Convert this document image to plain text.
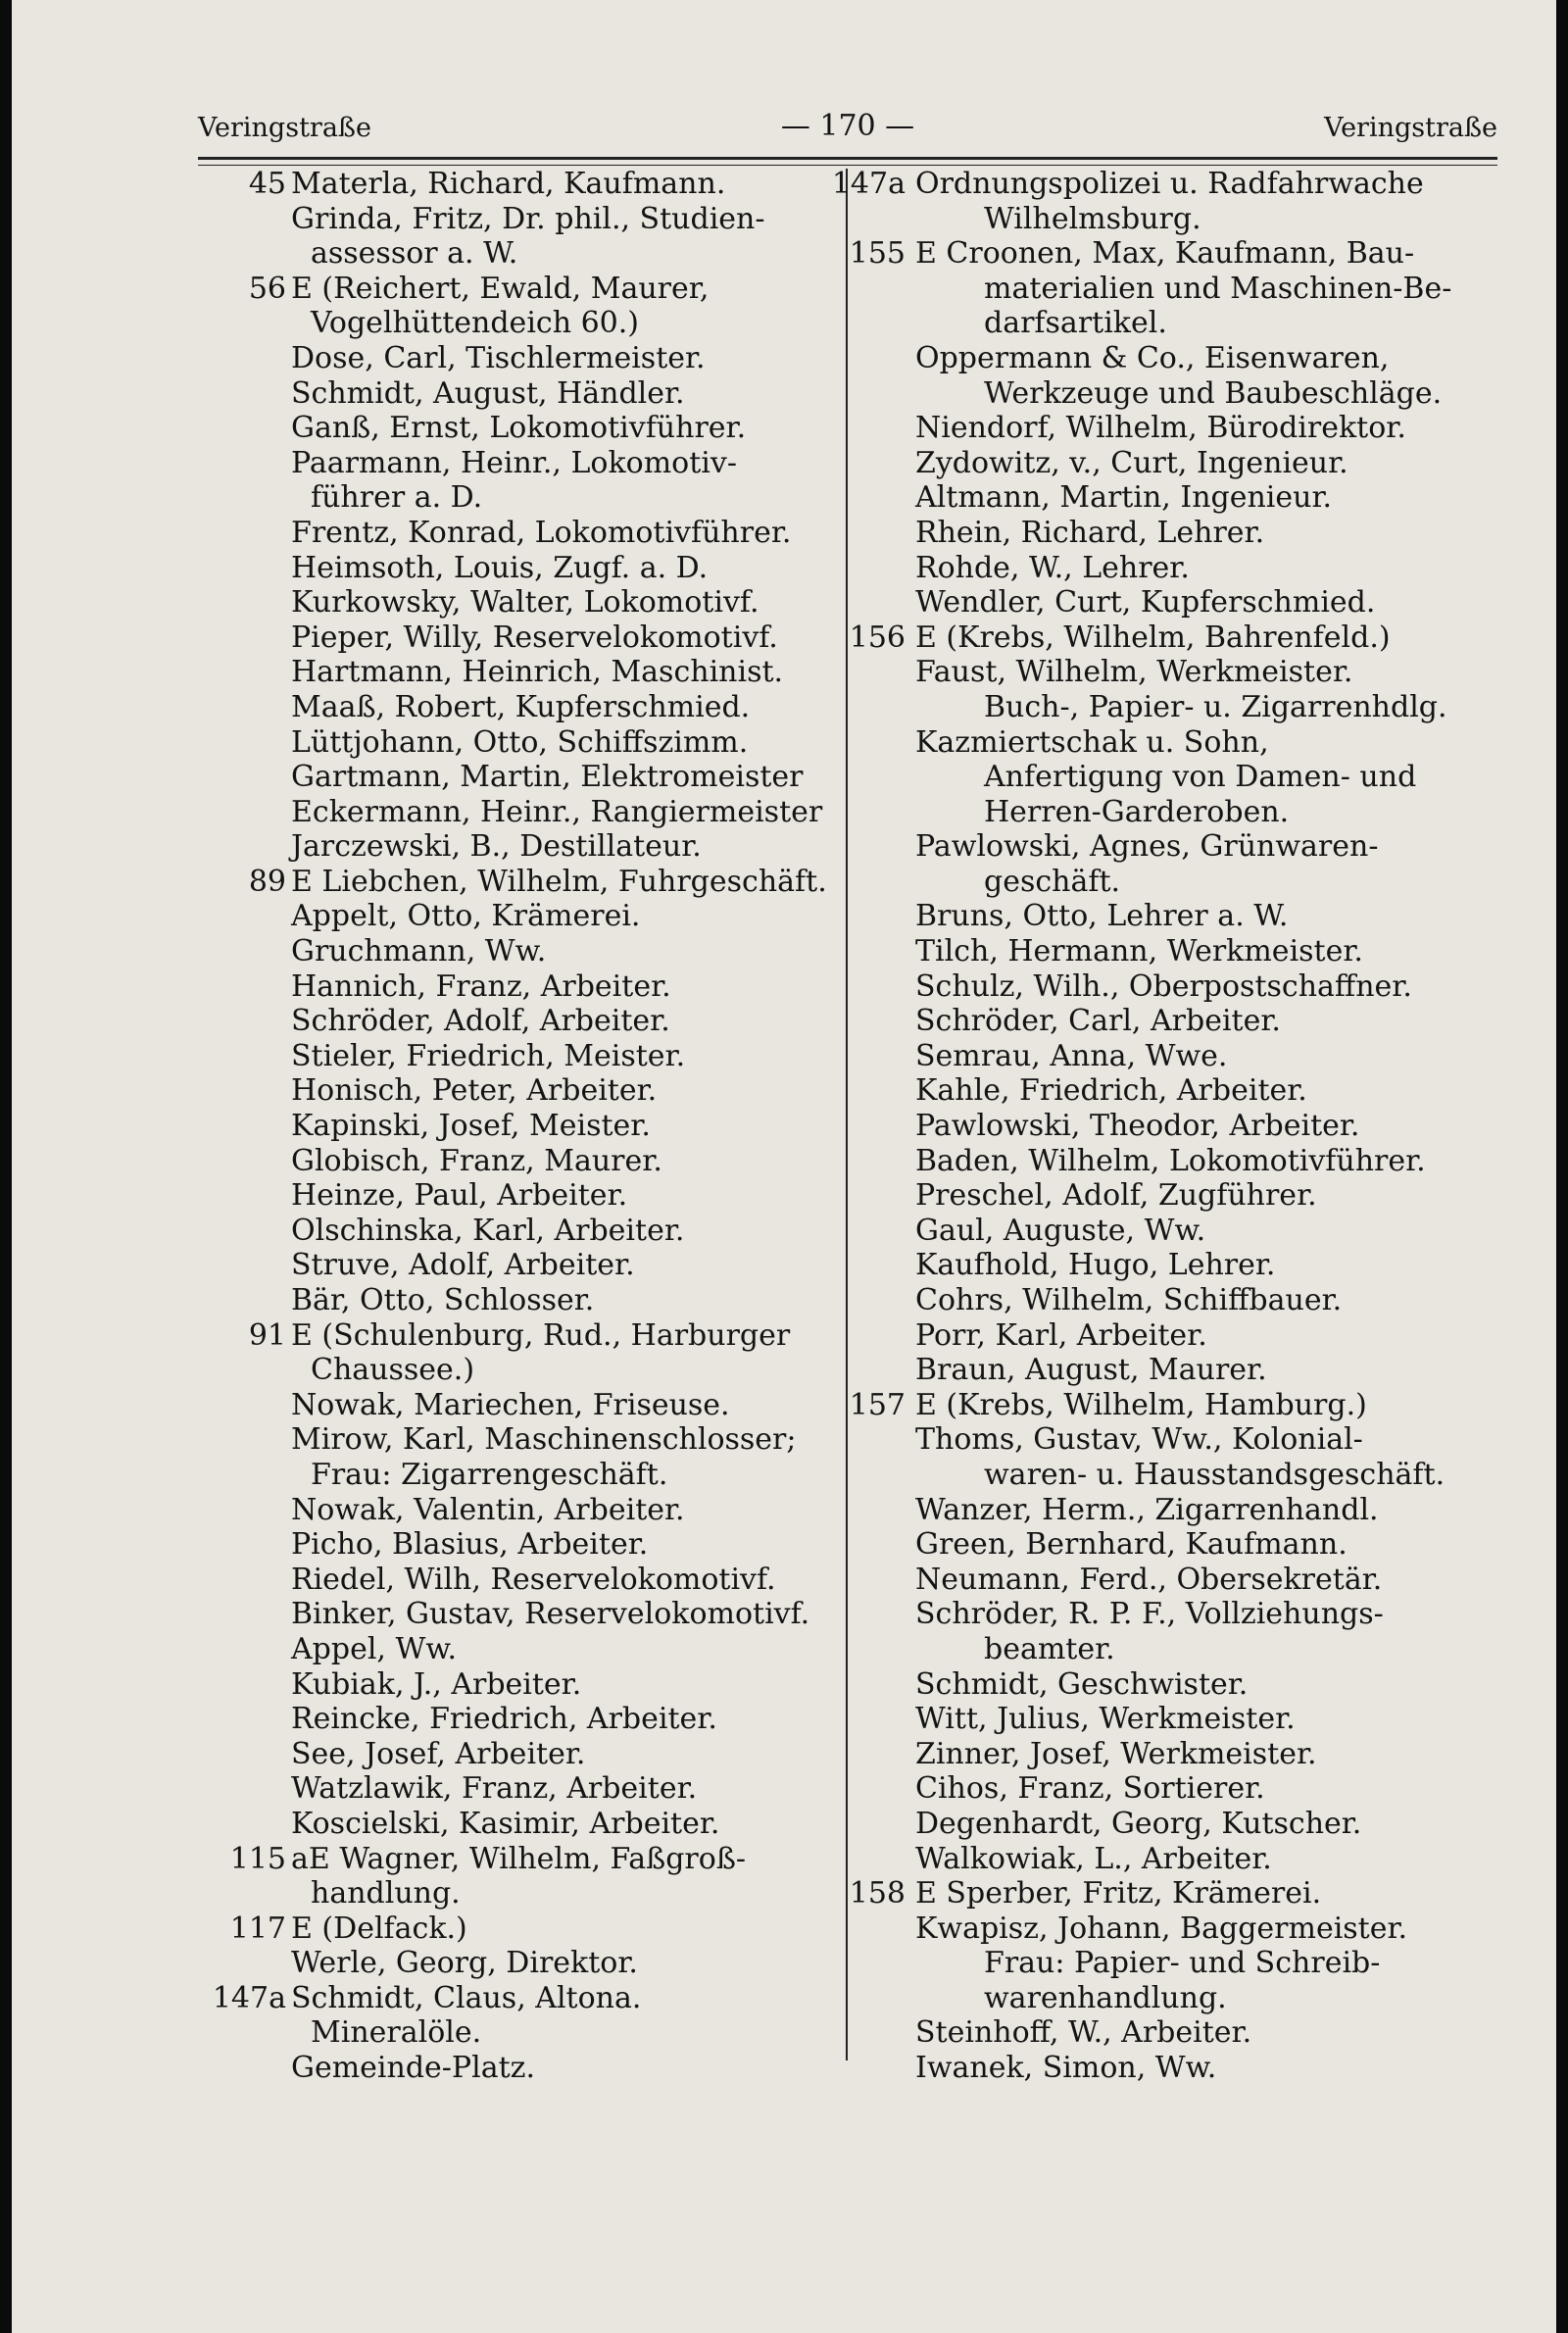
Veringstraße	— 170 —	Veringstraße
45 Materla, Richard, Kaufmann.
Grinda, Fritz, Dr. phil., Studien-
assessor a. W.
56 E (Reichert, Ewald, Maurer,
Vogelhüttendeich 60.)
Dose, Carl, Tischlermeister.
Schmidt, August, Händler.
Ganß, Ernst, Lokomotivführer.
Paarmann, Heinr., Lokomotiv-
führer a. D.
Frentz, Konrad, Lokomotivführer.
Heimsoth, Louis, Zugf. a. D.
Kurkowsky, Walter, Lokomotivf.
Pieper, Willy, Reservelokomotivf.
Hartmann, Heinrich, Maschinist.
Maaß, Robert, Kupferschmied.
Lüttjohann, Otto, Schiffszimm.
Gartmann, Martin, Elektromeister
Eckermann, Heinr., Rangiermeister
Jarczewski, B., Destillateur.
89 E Liebchen, Wilhelm, Fuhrgeschäft.
Appelt, Otto, Krämerei.
Gruchmann, Ww.
Hannich, Franz, Arbeiter.
Schröder, Adolf, Arbeiter.
Stieler, Friedrich, Meister.
Honisch, Peter, Arbeiter.
Kapinski, Josef, Meister.
Globisch, Franz, Maurer.
Heinze, Paul, Arbeiter.
Olschinska, Karl, Arbeiter.
Struve, Adolf, Arbeiter.
Bär, Otto, Schlosser.
91 E (Schulenburg, Rud., Harburger
Chaussee.)
Nowak, Mariechen, Friseuse.
Mirow, Karl, Maschinenschlosser;
Frau: Zigarrengeschäft.
Nowak, Valentin, Arbeiter.
Picho, Blasius, Arbeiter.
Riedel, Wilh, Reservelokomotivf.
Binker, Gustav, Reservelokomotivf.
Appel, Ww.
Kubiak, J., Arbeiter.
Reincke, Friedrich, Arbeiter.
See, Josef, Arbeiter.
Watzlawik, Franz, Arbeiter.
Koscielski, Kasimir, Arbeiter.
115 aE Wagner, Wilhelm, Faßgroß-
handlung.
117 E (Delfack.)
Werle, Georg, Direktor.
147a Schmidt, Claus, Altona.
Mineralöle.
Gemeinde-Platz.
147a Ordnungspolizei u. Radfahrwache
Wilhelmsburg.
155 E Croonen, Max, Kaufmann, Bau-
materialien und Maschinen-Be-
darfsartikel.
Oppermann & Co., Eisenwaren,
Werkzeuge und Baubeschläge.
Niendorf, Wilhelm, Bürodirektor.
Zydowitz, v., Curt, Ingenieur.
Altmann, Martin, Ingenieur.
Rhein, Richard, Lehrer.
Rohde, W., Lehrer.
Wendler, Curt, Kupferschmied.
156 E (Krebs, Wilhelm, Bahrenfeld.)
Faust, Wilhelm, Werkmeister.
Buch-, Papier- u. Zigarrenhdlg.
Kazmiertschak u. Sohn,
Anfertigung von Damen- und
Herren-Garderoben.
Pawlowski, Agnes, Grünwaren-
geschäft.
Bruns, Otto, Lehrer a. W.
Tilch, Hermann, Werkmeister.
Schulz, Wilh., Oberpostschaffner.
Schröder, Carl, Arbeiter.
Semrau, Anna, Wwe.
Kahle, Friedrich, Arbeiter.
Pawlowski, Theodor, Arbeiter.
Baden, Wilhelm, Lokomotivführer.
Preschel, Adolf, Zugführer.
Gaul, Auguste, Ww.
Kaufhold, Hugo, Lehrer.
Cohrs, Wilhelm, Schiffbauer.
Porr, Karl, Arbeiter.
Braun, August, Maurer.
157 E (Krebs, Wilhelm, Hamburg.)
Thoms, Gustav, Ww., Kolonial-
waren- u. Hausstandsgeschäft.
Wanzer, Herm., Zigarrenhandl.
Green, Bernhard, Kaufmann.
Neumann, Ferd., Obersekretär.
Schröder, R. P. F., Vollziehungs-
beamter.
Schmidt, Geschwister.
Witt, Julius, Werkmeister.
Zinner, Josef, Werkmeister.
Cihos, Franz, Sortierer.
Degenhardt, Georg, Kutscher.
Walkowiak, L., Arbeiter.
158 E Sperber, Fritz, Krämerei.
Kwapisz, Johann, Baggermeister.
Frau: Papier- und Schreib-
warenhandlung.
Steinhoff, W., Arbeiter.
Iwanek, Simon, Ww.
